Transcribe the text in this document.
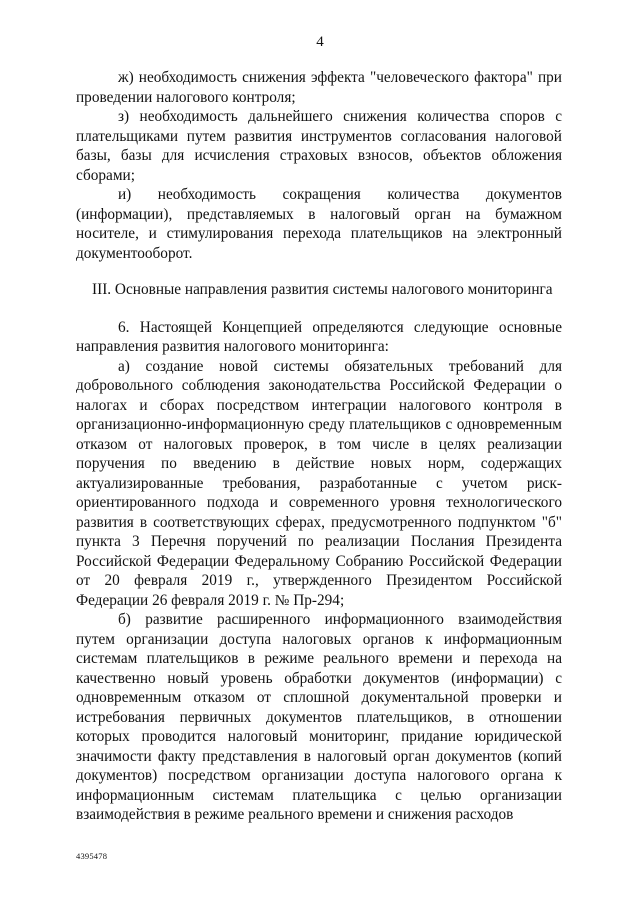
4

ж) необходимость снижения эффекта "человеческого фактора" при проведении налогового контроля;

з) необходимость дальнейшего снижения количества споров с плательщиками путем развития инструментов согласования налоговой базы, базы для исчисления страховых взносов, объектов обложения сборами;

и) необходимость сокращения количества документов (информации), представляемых в налоговый орган на бумажном носителе, и стимулирования перехода плательщиков на электронный документооборот.

III. Основные направления развития системы налогового мониторинга

6. Настоящей Концепцией определяются следующие основные направления развития налогового мониторинга:

а) создание новой системы обязательных требований для добровольного соблюдения законодательства Российской Федерации о налогах и сборах посредством интеграции налогового контроля в организационно-информационную среду плательщиков с одновременным отказом от налоговых проверок, в том числе в целях реализации поручения по введению в действие новых норм, содержащих актуализированные требования, разработанные с учетом риск-ориентированного подхода и современного уровня технологического развития в соответствующих сферах, предусмотренного подпунктом "б" пункта 3 Перечня поручений по реализации Послания Президента Российской Федерации Федеральному Собранию Российской Федерации от 20 февраля 2019 г., утвержденного Президентом Российской Федерации 26 февраля 2019 г. № Пр-294;

б) развитие расширенного информационного взаимодействия путем организации доступа налоговых органов к информационным системам плательщиков в режиме реального времени и перехода на качественно новый уровень обработки документов (информации) с одновременным отказом от сплошной документальной проверки и истребования первичных документов плательщиков, в отношении которых проводится налоговый мониторинг, придание юридической значимости факту представления в налоговый орган документов (копий документов) посредством организации доступа налогового органа к информационным системам плательщика с целью организации взаимодействия в режиме реального времени и снижения расходов

4395478
